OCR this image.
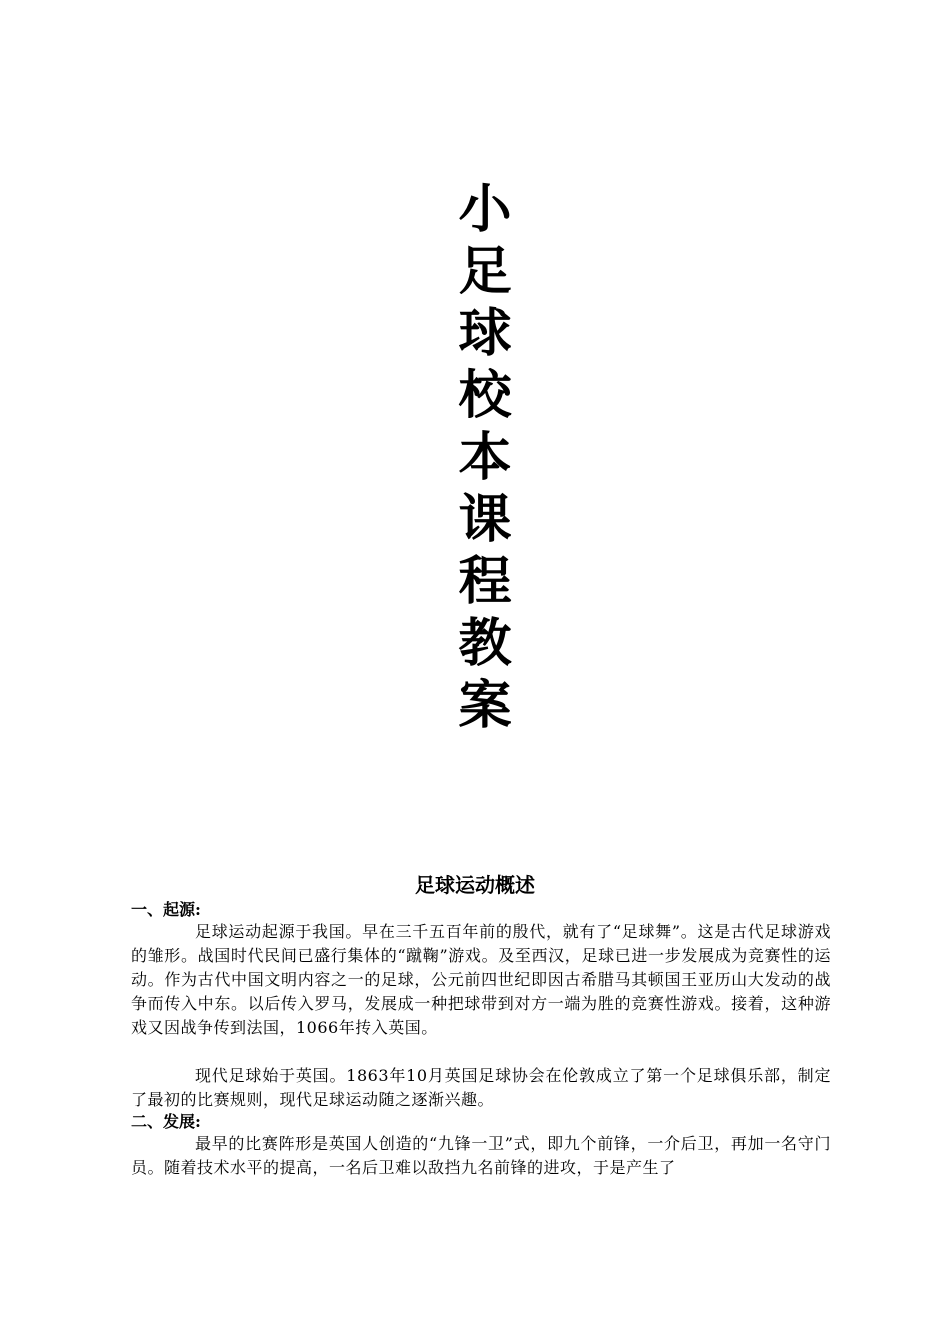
小
足
球
校
本
课
程
教
案
足球运动概述
一、起源:

足球运动起源于我国。早在三千五百年前的殷代，就有了“足球舞”。这是古代足球游戏的雏形。战国时代民间已盛行集体的“蹴鞠”游戏。及至西汉，足球已进一步发展成为竞赛性的运动。作为古代中国文明内容之一的足球，公元前四世纪即因古希腊马其顿国王亚历山大发动的战争而传入中东。以后传入罗马，发展成一种把球带到对方一端为胜的竞赛性游戏。接着，这种游戏又因战争传到法国，1066年抟入英国。

现代足球始于英国。1863年10月英国足球协会在伦敦成立了第一个足球俱乐部，制定了最初的比赛规则，现代足球运动随之逐渐兴趣。

二、发展:

最早的比赛阵形是英国人创造的“九锋一卫”式，即九个前锋，一介后卫，再加一名守门员。随着技术水平的提高，一名后卫难以敌挡九名前锋的进攻，于是产生了
